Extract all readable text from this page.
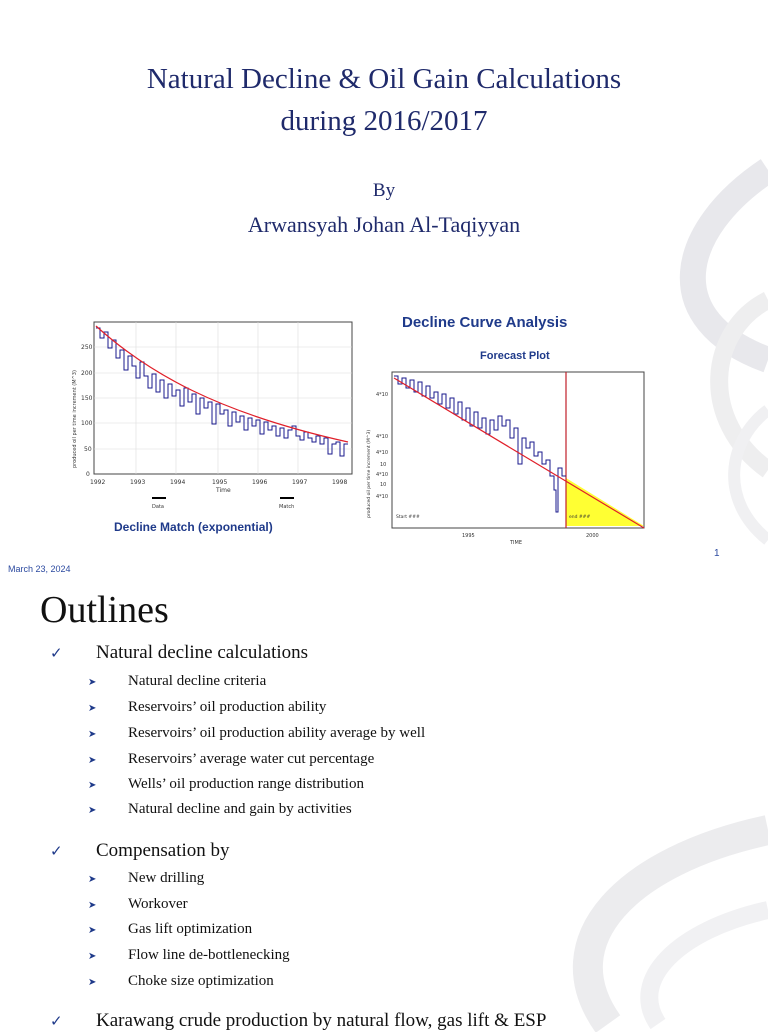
Natural Decline & Oil Gain Calculations
during 2016/2017
By
Arwansyah Johan Al-Taqiyyan
1992	1993	1994	1995	1996	1997	1998
0
50
100
150
200
250
Time
produced oil per time increment (M^3)
Data	Match
Decline Match (exponential)
Decline Curve Analysis
Forecast Plot
4*10
4*10
4*10
10
4*10
10
4*10
1995	2000
TIME
produced oil per time increment (M^3)	Start ###	end ###
1
March 23, 2024
Outlines
✓ Natural decline calculations
➤ Natural decline criteria
➤ Reservoirs’ oil production ability
➤ Reservoirs’ oil production ability average by well
➤ Reservoirs’ average water cut percentage
➤ Wells’ oil production range distribution
➤ Natural decline and gain by activities
✓ Compensation by
➤ New drilling
➤ Workover
➤ Gas lift optimization
➤ Flow line de-bottlenecking
➤ Choke size optimization
✓ Karawang crude production by natural flow, gas lift & ESP
